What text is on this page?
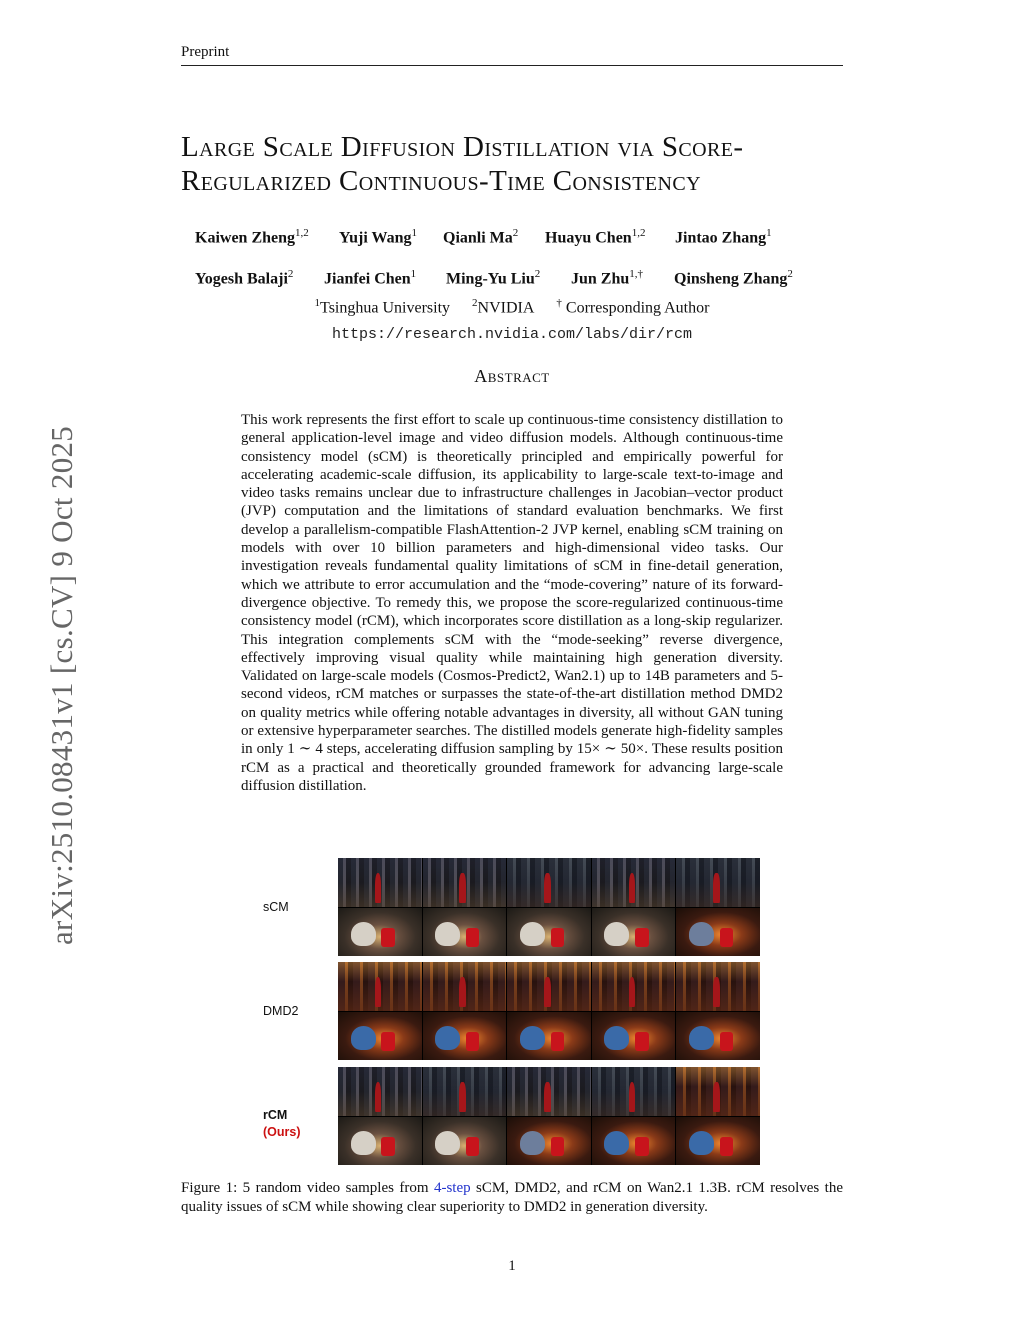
Preprint
Large Scale Diffusion Distillation via Score-
Regularized Continuous-Time Consistency
Kaiwen Zheng$^{1,2}$ Yuji Wang$^1$ Qianli Ma$^2$ Huayu Chen$^{1,2}$ Jintao Zhang$^1$
Yogesh Balaji$^2$ Jianfei Chen$^1$ Ming-Yu Liu$^2$ Jun Zhu$^{1,\dagger}$ Qinsheng Zhang$^2$
$^1$Tsinghua University $^2$NVIDIA † Corresponding Author
https://research.nvidia.com/labs/dir/rcm
Abstract

This work represents the first effort to scale up continuous-time consistency distillation to general application-level image and video diffusion models. Although continuous-time consistency model (sCM) is theoretically principled and empirically powerful for accelerating academic-scale diffusion, its applicability to large-scale text-to-image and video tasks remains unclear due to infrastructure challenges in Jacobian–vector product (JVP) computation and the limitations of standard evaluation benchmarks. We first develop a parallelism-compatible FlashAttention-2 JVP kernel, enabling sCM training on models with over 10 billion parameters and high-dimensional video tasks. Our investigation reveals fundamental quality limitations of sCM in fine-detail generation, which we attribute to error accumulation and the “mode-covering” nature of its forward-divergence objective. To remedy this, we propose the score-regularized continuous-time consistency model (rCM), which incorporates score distillation as a long-skip regularizer. This integration complements sCM with the “mode-seeking” reverse divergence, effectively improving visual quality while maintaining high generation diversity. Validated on large-scale models (Cosmos-Predict2, Wan2.1) up to 14B parameters and 5-second videos, rCM matches or surpasses the state-of-the-art distillation method DMD2 on quality metrics while offering notable advantages in diversity, all without GAN tuning or extensive hyperparameter searches. The distilled models generate high-fidelity samples in only 1 ∼ 4 steps, accelerating diffusion sampling by 15× ∼ 50×. These results position rCM as a practical and theoretically grounded framework for advancing large-scale diffusion distillation.

arXiv:2510.08431v1 [cs.CV] 9 Oct 2025	sCM
DMD2
rCM
(Ours)

Figure 1: 5 random video samples from 4-step sCM, DMD2, and rCM on Wan2.1 1.3B. rCM resolves the quality issues of sCM while showing clear superiority to DMD2 in generation diversity.

1
